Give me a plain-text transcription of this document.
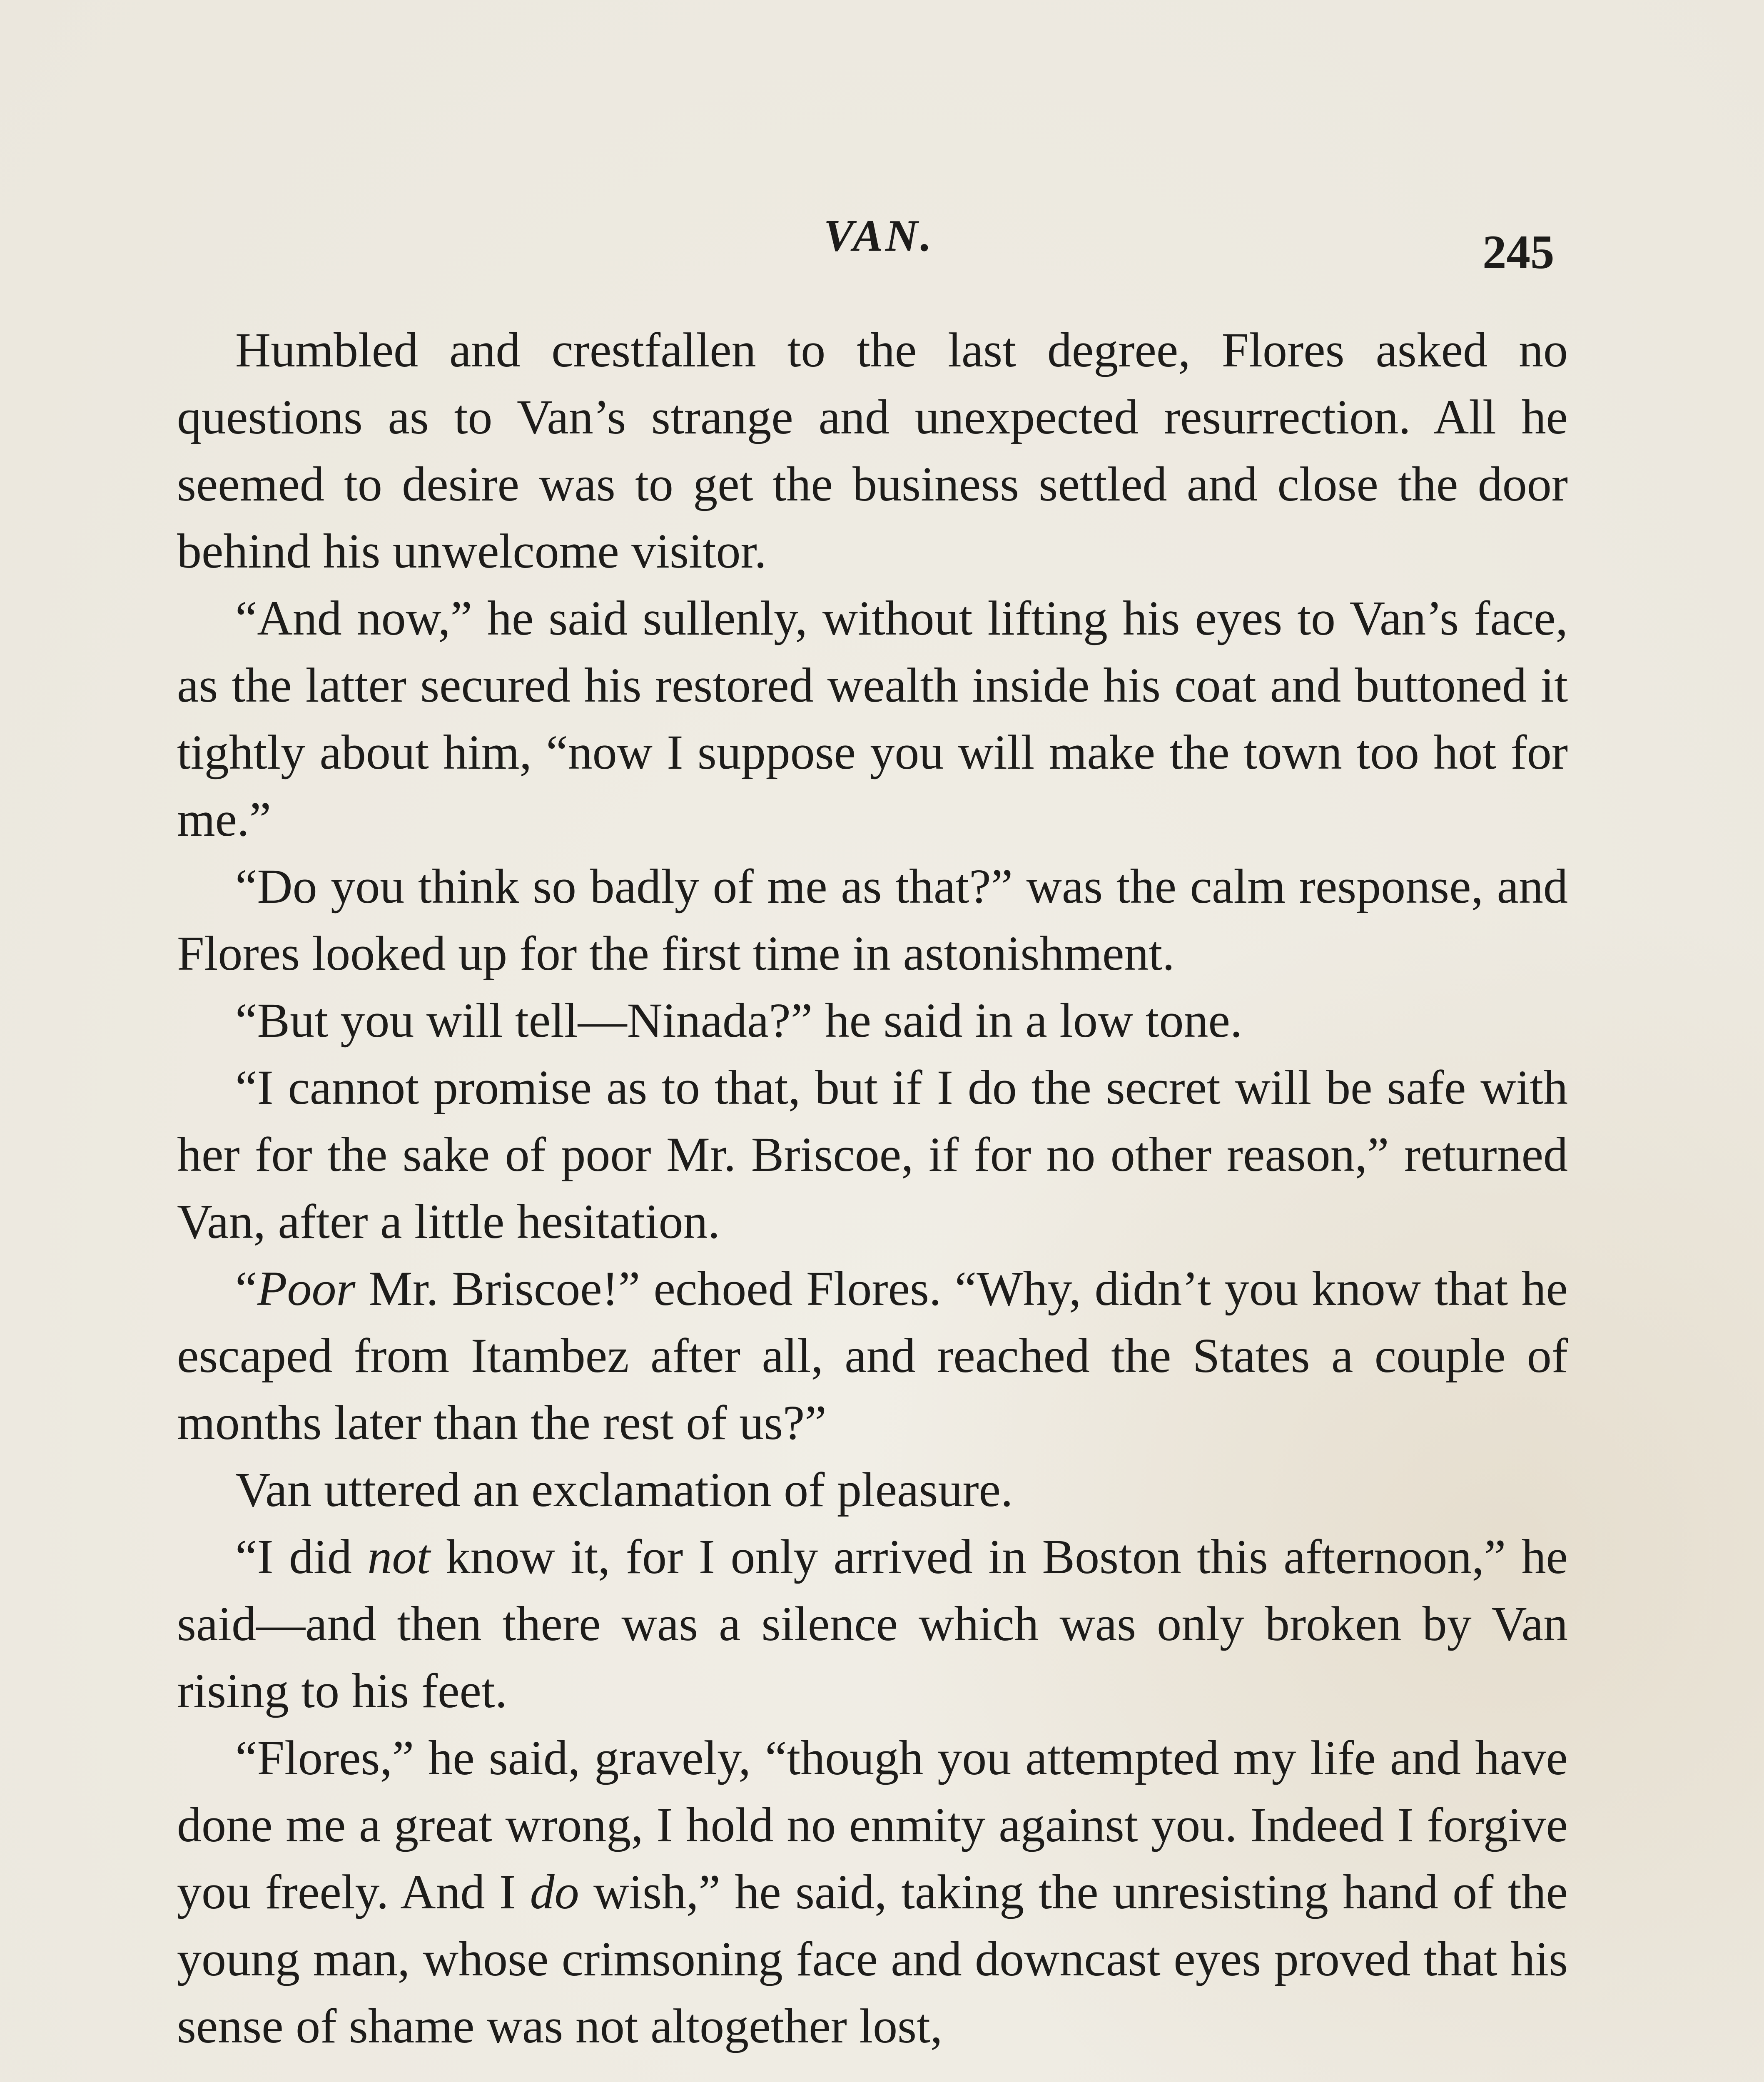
VAN.	245

Humbled and crestfallen to the last degree, Flores asked no questions as to Van’s strange and unexpected resurrection. All he seemed to desire was to get the business settled and close the door behind his unwelcome visitor.

“And now,” he said sullenly, without lifting his eyes to Van’s face, as the latter secured his restored wealth inside his coat and buttoned it tightly about him, “now I suppose you will make the town too hot for me.”

“Do you think so badly of me as that?” was the calm response, and Flores looked up for the first time in astonishment.

“But you will tell—Ninada?” he said in a low tone.

“I cannot promise as to that, but if I do the secret will be safe with her for the sake of poor Mr. Briscoe, if for no other reason,” returned Van, after a little hesitation.

“Poor Mr. Briscoe!” echoed Flores. “Why, didn’t you know that he escaped from Itambez after all, and reached the States a couple of months later than the rest of us?”

Van uttered an exclamation of pleasure.

“I did not know it, for I only arrived in Boston this afternoon,” he said—and then there was a silence which was only broken by Van rising to his feet.

“Flores,” he said, gravely, “though you attempted my life and have done me a great wrong, I hold no enmity against you. Indeed I forgive you freely. And I do wish,” he said, taking the unresisting hand of the young man, whose crimsoning face and downcast eyes proved that his sense of shame was not altogether lost,
